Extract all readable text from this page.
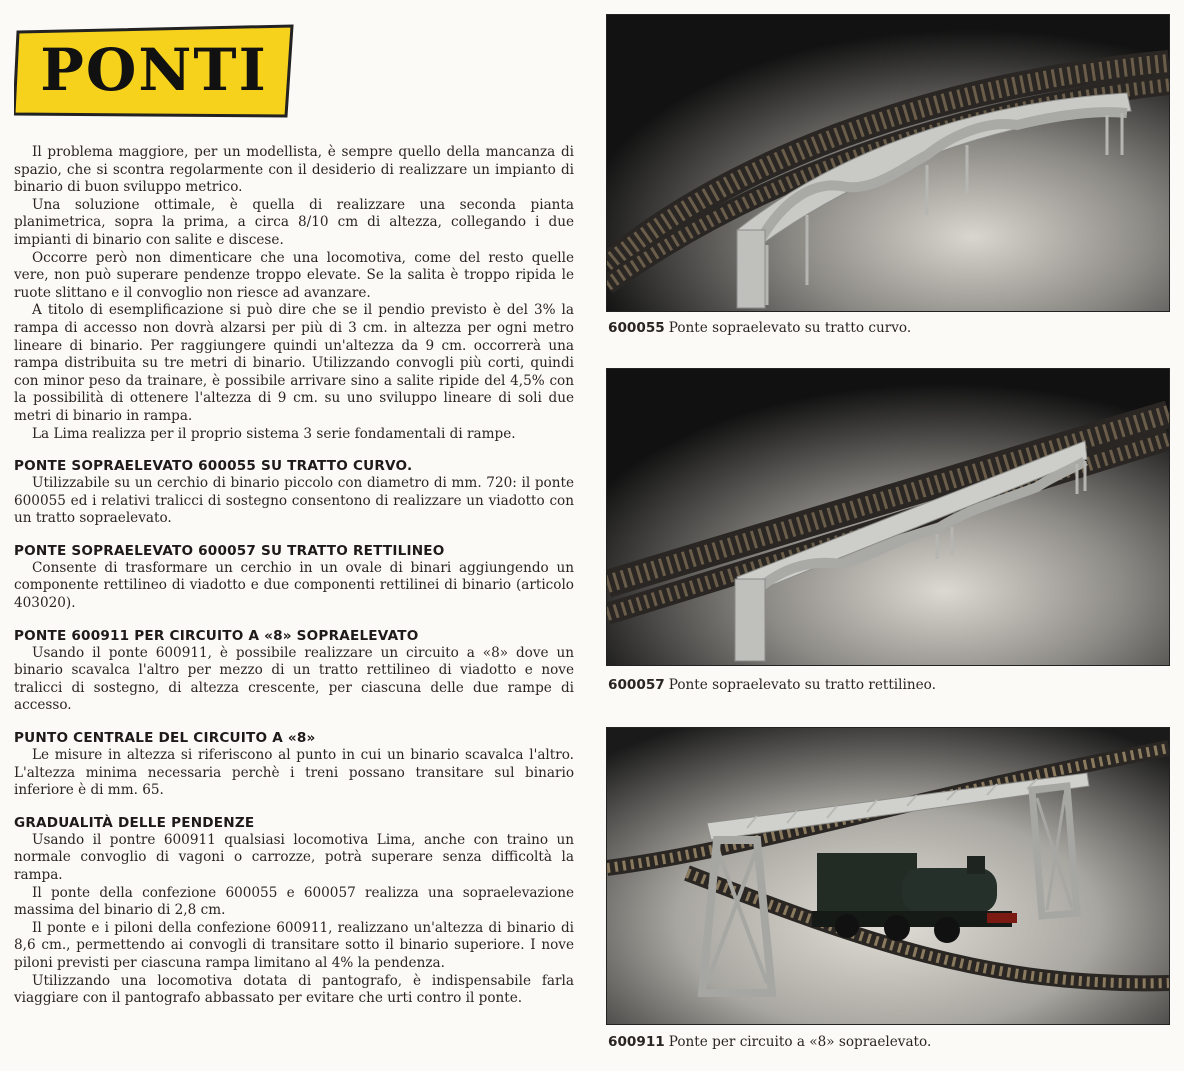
PONTI

Il problema maggiore, per un modellista, è sempre quello della mancanza di spazio, che si scontra regolarmente con il desiderio di realizzare un impianto di binario di buon sviluppo metrico.

Una soluzione ottimale, è quella di realizzare una seconda pianta planimetrica, sopra la prima, a circa 8/10 cm di altezza, collegando i due impianti di binario con salite e discese.

Occorre però non dimenticare che una locomotiva, come del resto quelle vere, non può superare pendenze troppo elevate. Se la salita è troppo ripida le ruote slittano e il convoglio non riesce ad avanzare.

A titolo di esemplificazione si può dire che se il pendio previsto è del 3% la rampa di accesso non dovrà alzarsi per più di 3 cm. in altezza per ogni metro lineare di binario. Per raggiungere quindi un'altezza da 9 cm. occorrerà una rampa distribuita su tre metri di binario. Utilizzando convogli più corti, quindi con minor peso da trainare, è possibile arrivare sino a salite ripide del 4,5% con la possibilità di ottenere l'altezza di 9 cm. su uno sviluppo lineare di soli due metri di binario in rampa.

La Lima realizza per il proprio sistema 3 serie fondamentali di rampe.

PONTE SOPRAELEVATO 600055 SU TRATTO CURVO.

Utilizzabile su un cerchio di binario piccolo con diametro di mm. 720: il ponte 600055 ed i relativi tralicci di sostegno consentono di realizzare un viadotto con un tratto sopraelevato.

PONTE SOPRAELEVATO 600057 SU TRATTO RETTILINEO

Consente di trasformare un cerchio in un ovale di binari aggiungendo un componente rettilineo di viadotto e due componenti rettilinei di binario (articolo 403020).

PONTE 600911 PER CIRCUITO A «8» SOPRAELEVATO

Usando il ponte 600911, è possibile realizzare un circuito a «8» dove un binario scavalca l'altro per mezzo di un tratto rettilineo di viadotto e nove tralicci di sostegno, di altezza crescente, per ciascuna delle due rampe di accesso.

PUNTO CENTRALE DEL CIRCUITO A «8»

Le misure in altezza si riferiscono al punto in cui un binario scavalca l'altro. L'altezza minima necessaria perchè i treni possano transitare sul binario inferiore è di mm. 65.

GRADUALITÀ DELLE PENDENZE

Usando il pontre 600911 qualsiasi locomotiva Lima, anche con traino un normale convoglio di vagoni o carrozze, potrà superare senza difficoltà la rampa.

Il ponte della confezione 600055 e 600057 realizza una sopraelevazione massima del binario di 2,8 cm.

Il ponte e i piloni della confezione 600911, realizzano un'altezza di binario di 8,6 cm., permettendo ai convogli di transitare sotto il binario superiore. I nove piloni previsti per ciascuna rampa limitano al 4% la pendenza.

Utilizzando una locomotiva dotata di pantografo, è indispensabile farla viaggiare con il pantografo abbassato per evitare che urti contro il ponte.

600055 Ponte sopraelevato su tratto curvo.
600057 Ponte sopraelevato su tratto rettilineo.
600911 Ponte per circuito a «8» sopraelevato.
